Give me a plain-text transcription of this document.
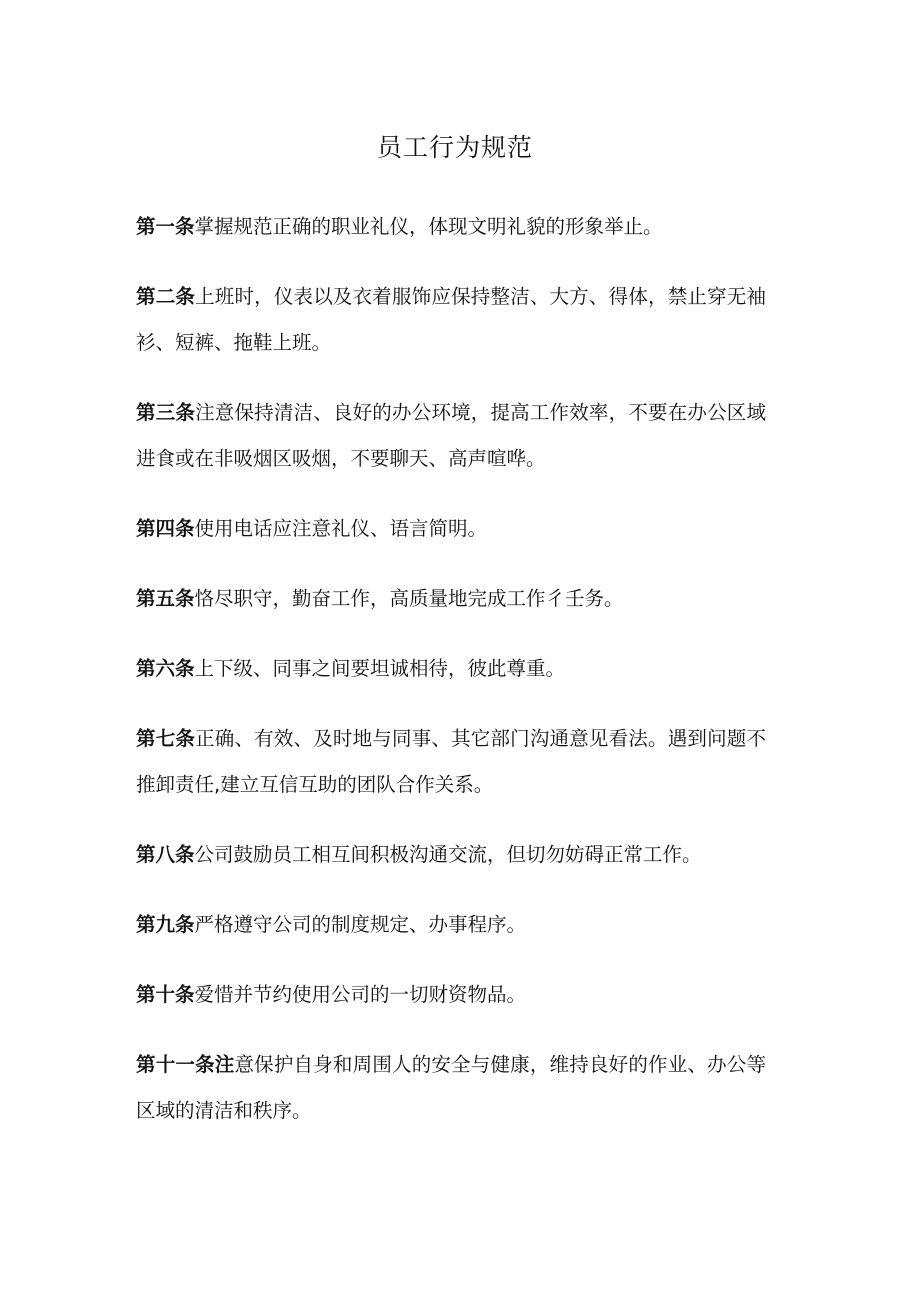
员工行为规范
第一条掌握规范正确的职业礼仪，体现文明礼貌的形象举止。
第二条上班时，仪表以及衣着服饰应保持整洁、大方、得体，禁止穿无袖衫、短裤、拖鞋上班。
第三条注意保持清洁、良好的办公环境，提高工作效率，不要在办公区域进食或在非吸烟区吸烟，不要聊天、高声喧哗。
第四条使用电话应注意礼仪、语言简明。
第五条恪尽职守，勤奋工作，高质量地完成工作彳壬务。
第六条上下级、同事之间要坦诚相待，彼此尊重。
第七条正确、有效、及时地与同事、其它部门沟通意见看法。遇到问题不推卸责任,建立互信互助的团队合作关系。
第八条公司鼓励员工相互间积极沟通交流，但切勿妨碍正常工作。
第九条严格遵守公司的制度规定、办事程序。
第十条爱惜并节约使用公司的一切财资物品。
第十一条注意保护自身和周围人的安全与健康，维持良好的作业、办公等区域的清洁和秩序。
